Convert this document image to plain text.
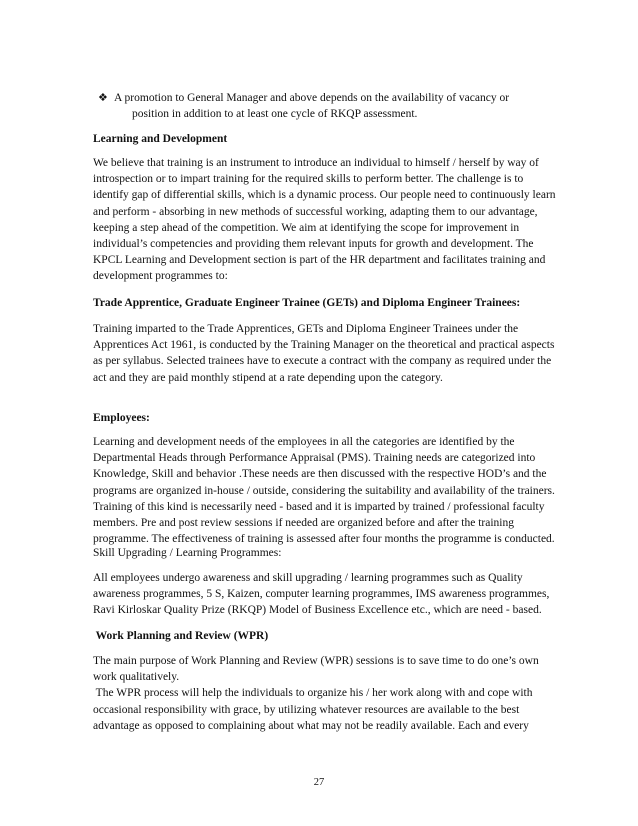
❖ A promotion to General Manager and above depends on the availability of vacancy or
position in addition to at least one cycle of RKQP assessment.
Learning and Development
We believe that training is an instrument to introduce an individual to himself / herself by way of
introspection or to impart training for the required skills to perform better. The challenge is to
identify gap of differential skills, which is a dynamic process. Our people need to continuously learn
and perform - absorbing in new methods of successful working, adapting them to our advantage,
keeping a step ahead of the competition. We aim at identifying the scope for improvement in
individual’s competencies and providing them relevant inputs for growth and development. The
KPCL Learning and Development section is part of the HR department and facilitates training and
development programmes to:
Trade Apprentice, Graduate Engineer Trainee (GETs) and Diploma Engineer Trainees:
Training imparted to the Trade Apprentices, GETs and Diploma Engineer Trainees under the
Apprentices Act 1961, is conducted by the Training Manager on the theoretical and practical aspects
as per syllabus. Selected trainees have to execute a contract with the company as required under the
act and they are paid monthly stipend at a rate depending upon the category.
Employees:
Learning and development needs of the employees in all the categories are identified by the
Departmental Heads through Performance Appraisal (PMS). Training needs are categorized into
Knowledge, Skill and behavior .These needs are then discussed with the respective HOD’s and the
programs are organized in-house / outside, considering the suitability and availability of the trainers.
Training of this kind is necessarily need - based and it is imparted by trained / professional faculty
members. Pre and post review sessions if needed are organized before and after the training
programme. The effectiveness of training is assessed after four months the programme is conducted.
Skill Upgrading / Learning Programmes:
All employees undergo awareness and skill upgrading / learning programmes such as Quality
awareness programmes, 5 S, Kaizen, computer learning programmes, IMS awareness programmes,
Ravi Kirloskar Quality Prize (RKQP) Model of Business Excellence etc., which are need - based.
Work Planning and Review (WPR)
The main purpose of Work Planning and Review (WPR) sessions is to save time to do one’s own
work qualitatively.
The WPR process will help the individuals to organize his / her work along with and cope with
occasional responsibility with grace, by utilizing whatever resources are available to the best
advantage as opposed to complaining about what may not be readily available. Each and every
27
